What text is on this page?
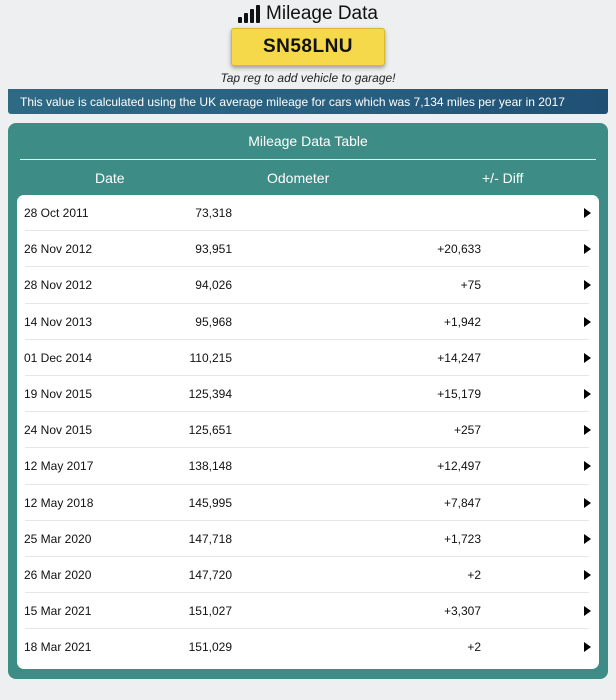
Mileage Data
SN58LNU
Tap reg to add vehicle to garage!
This value is calculated using the UK average mileage for cars which was 7,134 miles per year in 2017
Mileage Data Table
Date	Odometer	+/- Diff
28 Oct 2011	73,318
26 Nov 2012	93,951	+20,633
28 Nov 2012	94,026	+75
14 Nov 2013	95,968	+1,942
01 Dec 2014	110,215	+14,247
19 Nov 2015	125,394	+15,179
24 Nov 2015	125,651	+257
12 May 2017	138,148	+12,497
12 May 2018	145,995	+7,847
25 Mar 2020	147,718	+1,723
26 Mar 2020	147,720	+2
15 Mar 2021	151,027	+3,307
18 Mar 2021	151,029	+2
